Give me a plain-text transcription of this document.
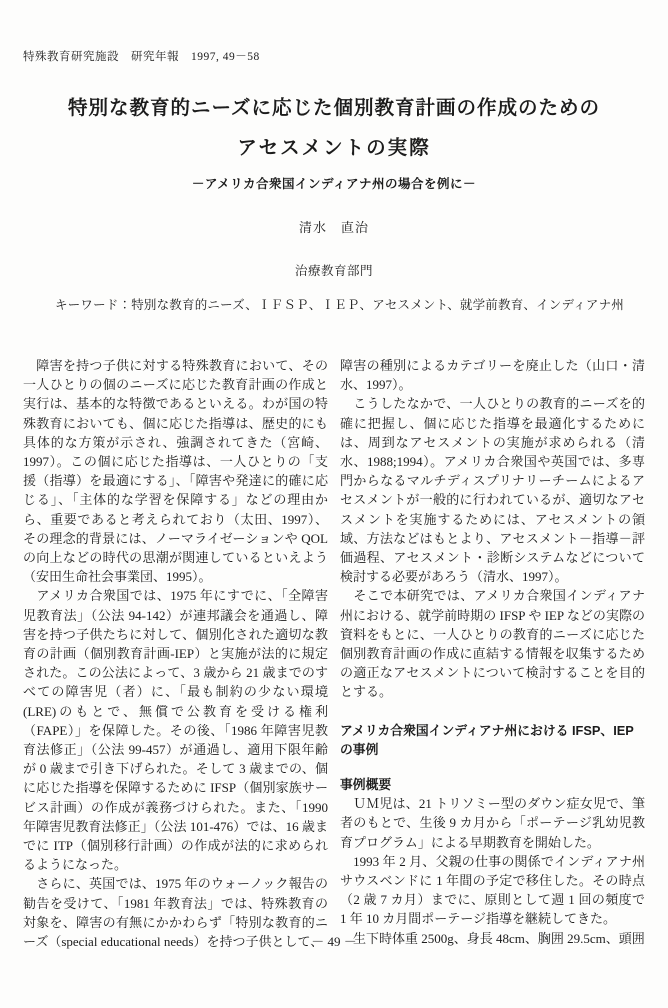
特殊教育研究施設　研究年報　1997, 49－58
特別な教育的ニーズに応じた個別教育計画の作成のための
アセスメントの実際
－アメリカ合衆国インディアナ州の場合を例に－
清水　直治
治療教育部門
キーワード：特別な教育的ニーズ、ＩＦＳＰ、ＩＥＰ、アセスメント、就学前教育、インディアナ州

　障害を持つ子供に対する特殊教育において、その一人ひとりの個のニーズに応じた教育計画の作成と実行は、基本的な特徴であるといえる。わが国の特殊教育においても、個に応じた指導は、歴史的にも具体的な方策が示され、強調されてきた（宮崎、1997）。この個に応じた指導は、一人ひとりの「支援（指導）を最適にする」、「障害や発達に的確に応じる」、「主体的な学習を保障する」などの理由から、重要であると考えられており（太田、1997）、その理念的背景には、ノーマライゼーションや QOL の向上などの時代の思潮が関連しているといえよう（安田生命社会事業団、1995）。

　アメリカ合衆国では、1975 年にすでに、「全障害児教育法」（公法 94-142）が連邦議会を通過し、障害を持つ子供たちに対して、個別化された適切な教育の計画（個別教育計画-IEP）と実施が法的に規定された。この公法によって、3 歳から 21 歳までのすべての障害児（者）に、「最も制約の少ない環境(LRE)のもとで、無償で公教育を受ける権利（FAPE）」を保障した。その後、「1986 年障害児教育法修正」（公法 99-457）が通過し、適用下限年齢が 0 歳まで引き下げられた。そして 3 歳までの、個に応じた指導を保障するために IFSP（個別家族サービス計画）の作成が義務づけられた。また、「1990 年障害児教育法修正」（公法 101-476）では、16 歳までに ITP（個別移行計画）の作成が法的に求められるようになった。

　さらに、英国では、1975 年のウォーノック報告の勧告を受けて、「1981 年教育法」では、特殊教育の対象を、障害の有無にかかわらず「特別な教育的ニーズ（special educational needs）を持つ子供として、

障害の種別によるカテゴリーを廃止した（山口・清水、1997）。

　こうしたなかで、一人ひとりの教育的ニーズを的確に把握し、個に応じた指導を最適化するためには、周到なアセスメントの実施が求められる（清水、1988;1994）。アメリカ合衆国や英国では、多専門からなるマルチディスプリナリーチームによるアセスメントが一般的に行われているが、適切なアセスメントを実施するためには、アセスメントの領域、方法などはもとより、アセスメント－指導－評価過程、アセスメント・診断システムなどについて検討する必要があろう（清水、1997）。

　そこで本研究では、アメリカ合衆国インディアナ州における、就学前時期の IFSP や IEP などの実際の資料をもとに、一人ひとりの教育的ニーズに応じた個別教育計画の作成に直結する情報を収集するための適正なアセスメントについて検討することを目的とする。

アメリカ合衆国インディアナ州における IFSP、IEP の事例
事例概要

　ＵＭ児は、21 トリソミー型のダウン症女児で、筆者のもとで、生後 9 カ月から「ポーテージ乳幼児教育プログラム」による早期教育を開始した。

　1993 年 2 月、父親の仕事の関係でインディアナ州サウスベンドに 1 年間の予定で移住した。その時点（2 歳 7 カ月）までに、原則として週 1 回の頻度で 1 年 10 カ月間ポーテージ指導を継続してきた。

　生下時体重 2500g、身長 48cm、胸囲 29.5cm、頭囲

－ 49 －
